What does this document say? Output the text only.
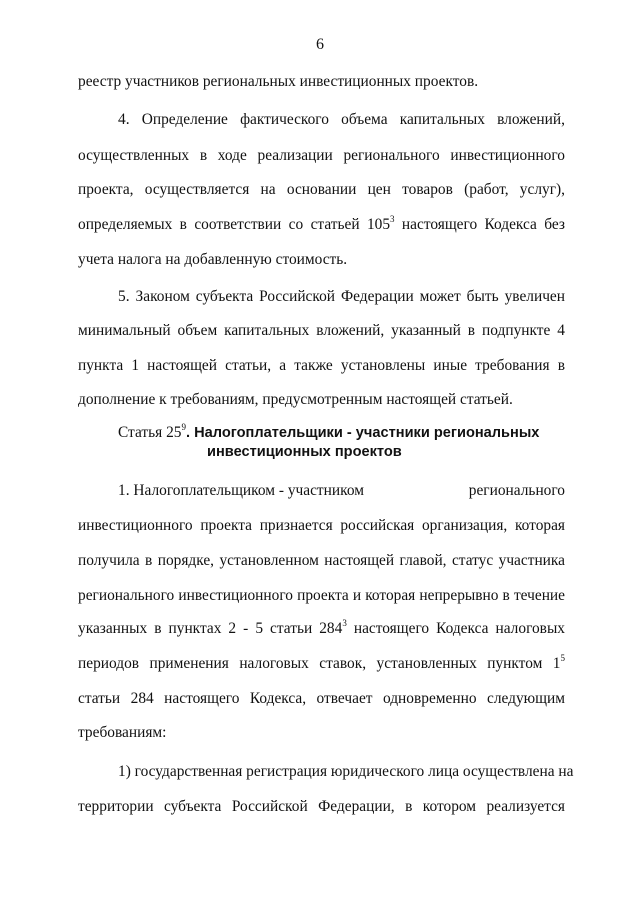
6
реестр участников региональных инвестиционных проектов.
4. Определение фактического объема капитальных вложений,
осуществленных в ходе реализации регионального инвестиционного
проекта, осуществляется на основании цен товаров (работ, услуг),
определяемых в соответствии со статьей $105^3$ настоящего Кодекса без
учета налога на добавленную стоимость.
5. Законом субъекта Российской Федерации может быть увеличен
минимальный объем капитальных вложений, указанный в подпункте 4
пункта 1 настоящей статьи, а также установлены иные требования в
дополнение к требованиям, предусмотренным настоящей статьей.
Статья $25^9$. Налогоплательщики - участники региональных
инвестиционных проектов
1. Налогоплательщиком - участником	регионального
инвестиционного проекта признается российская организация, которая
получила в порядке, установленном настоящей главой, статус участника
регионального инвестиционного проекта и которая непрерывно в течение
указанных в пунктах 2 - 5 статьи $284^3$ настоящего Кодекса налоговых
периодов применения налоговых ставок, установленных пунктом $1^5$
статьи 284 настоящего Кодекса, отвечает одновременно следующим
требованиям:
1) государственная регистрация юридического лица осуществлена на
территории субъекта Российской Федерации, в котором реализуется
